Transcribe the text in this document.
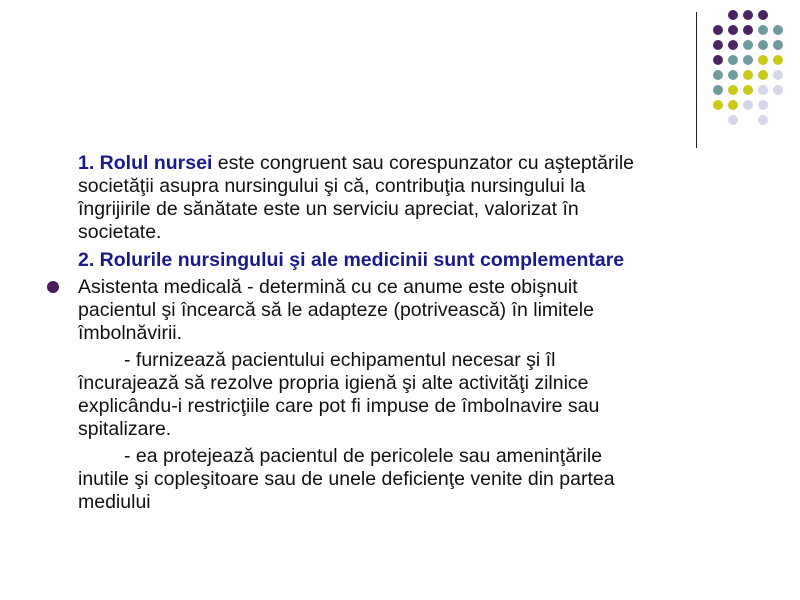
1. Rolul nursei este congruent sau corespunzator cu aşteptările
societăţii asupra nursingului şi că, contribuţia nursingului la
îngrijirile de sănătate este un serviciu apreciat, valorizat în
societate.
2. Rolurile nursingului şi ale medicinii sunt complementare
Asistenta medicală - determină cu ce anume este obişnuit
pacientul şi încearcă să le adapteze (potrivească) în limitele
îmbolnăvirii.
- furnizează pacientului echipamentul necesar şi îl
încurajează să rezolve propria igienă şi alte activităţi zilnice
explicându-i restricţiile care pot fi impuse de îmbolnavire sau
spitalizare.
- ea protejează pacientul de pericolele sau ameninţările
inutile şi copleşitoare sau de unele deficienţe venite din partea
mediului
